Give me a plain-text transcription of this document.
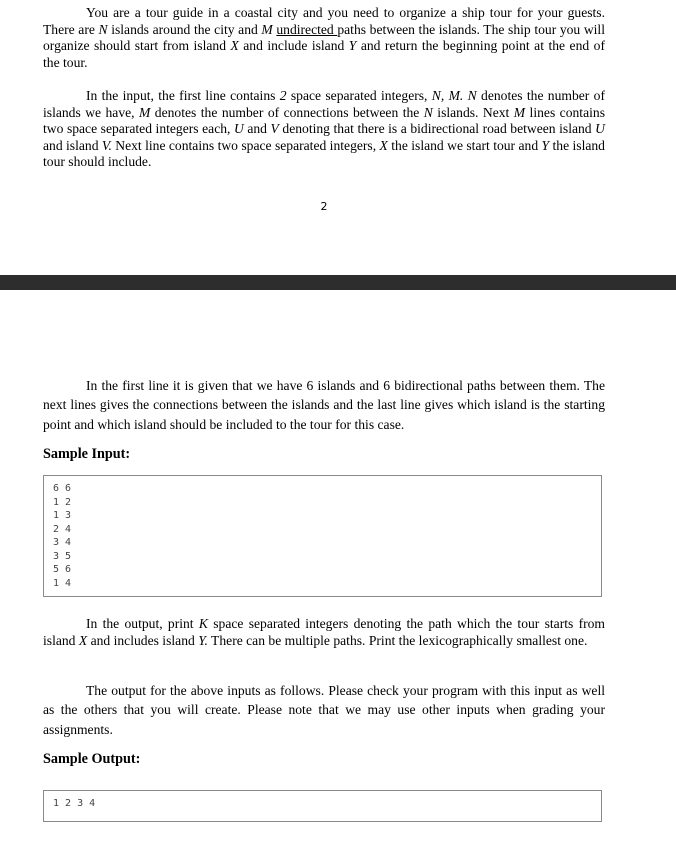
You are a tour guide in a coastal city and you need to organize a ship tour for your guests. There are N islands around the city and M undirected paths between the islands. The ship tour you will organize should start from island X and include island Y and return the beginning point at the end of the tour.

In the input, the first line contains 2 space separated integers, N, M. N denotes the number of islands we have, M denotes the number of connections between the N islands. Next M lines contains two space separated integers each, U and V denoting that there is a bidirectional road between island U and island V. Next line contains two space separated integers, X the island we start tour and Y the island tour should include.

2

In the first line it is given that we have 6 islands and 6 bidirectional paths between them. The next lines gives the connections between the islands and the last line gives which island is the starting point and which island should be included to the tour for this case.

Sample Input:
6 6
1 2
1 3
2 4
3 4
3 5
5 6
1 4

In the output, print K space separated integers denoting the path which the tour starts from island X and includes island Y. There can be multiple paths. Print the lexicographically smallest one.

The output for the above inputs as follows. Please check your program with this input as well as the others that you will create. Please note that we may use other inputs when grading your assignments.

Sample Output:
1 2 3 4
